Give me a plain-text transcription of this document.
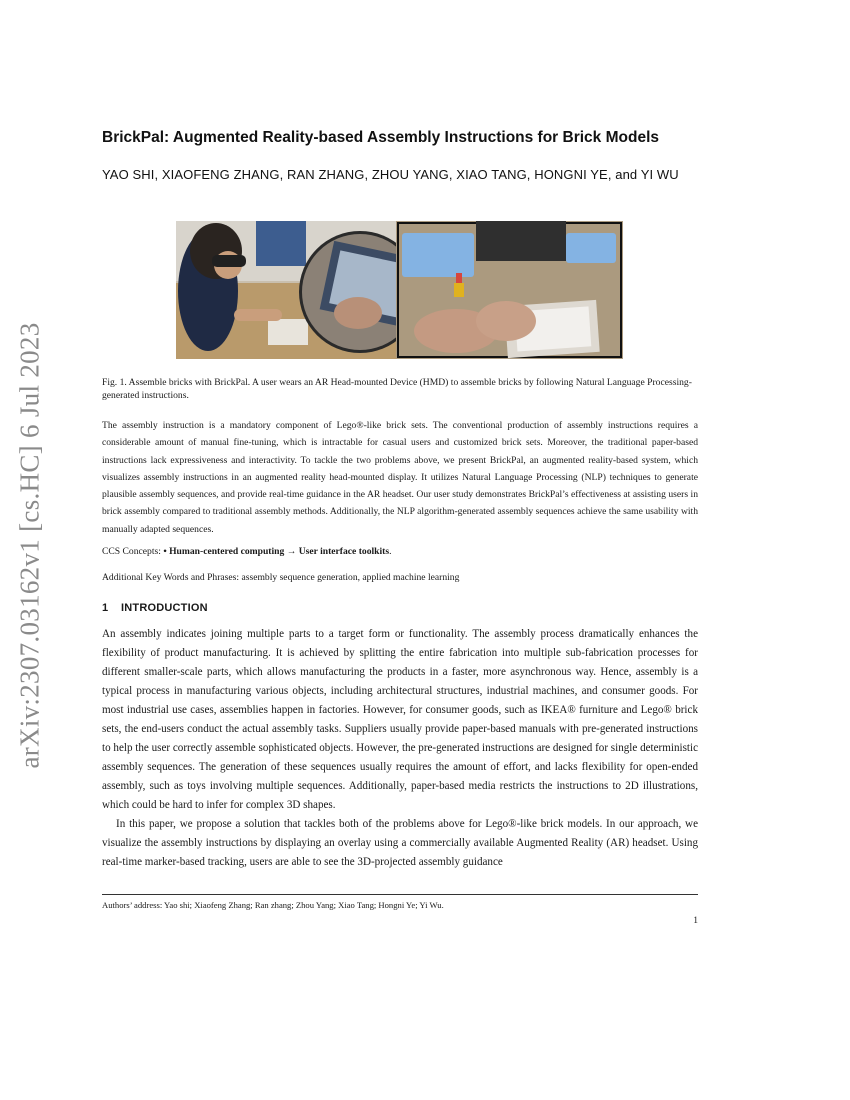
arXiv:2307.03162v1 [cs.HC] 6 Jul 2023
BrickPal: Augmented Reality-based Assembly Instructions for Brick Models
YAO SHI, XIAOFENG ZHANG, RAN ZHANG, ZHOU YANG, XIAO TANG, HONGNI YE, and YI WU
Fig. 1. Assemble bricks with BrickPal. A user wears an AR Head-mounted Device (HMD) to assemble bricks by following Natural Language Processing-generated instructions.
The assembly instruction is a mandatory component of Lego®-like brick sets. The conventional production of assembly instructions requires a considerable amount of manual fine-tuning, which is intractable for casual users and customized brick sets. Moreover, the traditional paper-based instructions lack expressiveness and interactivity. To tackle the two problems above, we present BrickPal, an augmented reality-based system, which visualizes assembly instructions in an augmented reality head-mounted display. It utilizes Natural Language Processing (NLP) techniques to generate plausible assembly sequences, and provide real-time guidance in the AR headset. Our user study demonstrates BrickPal’s effectiveness at assisting users in brick assembly compared to traditional assembly methods. Additionally, the NLP algorithm-generated assembly sequences achieve the same usability with manually adapted sequences.
CCS Concepts: • Human-centered computing → User interface toolkits.
Additional Key Words and Phrases: assembly sequence generation, applied machine learning
1 INTRODUCTION

An assembly indicates joining multiple parts to a target form or functionality. The assembly process dramatically enhances the flexibility of product manufacturing. It is achieved by splitting the entire fabrication into multiple sub-fabrication processes for different smaller-scale parts, which allows manufacturing the products in a faster, more asynchronous way. Hence, assembly is a typical process in manufacturing various objects, including architectural structures, industrial machines, and consumer goods. For most industrial use cases, assemblies happen in factories. However, for consumer goods, such as IKEA® furniture and Lego® brick sets, the end-users conduct the actual assembly tasks. Suppliers usually provide paper-based manuals with pre-generated instructions to help the user correctly assemble sophisticated objects. However, the pre-generated instructions are designed for single deterministic assembly sequences. The generation of these sequences usually requires the amount of effort, and lacks flexibility for open-ended assembly, such as toys involving multiple sequences. Additionally, paper-based media restricts the instructions to 2D illustrations, which could be hard to infer for complex 3D shapes.

In this paper, we propose a solution that tackles both of the problems above for Lego®-like brick models. In our approach, we visualize the assembly instructions by displaying an overlay using a commercially available Augmented Reality (AR) headset. Using real-time marker-based tracking, users are able to see the 3D-projected assembly guidance

Authors’ address: Yao shi; Xiaofeng Zhang; Ran zhang; Zhou Yang; Xiao Tang; Hongni Ye; Yi Wu.
1
